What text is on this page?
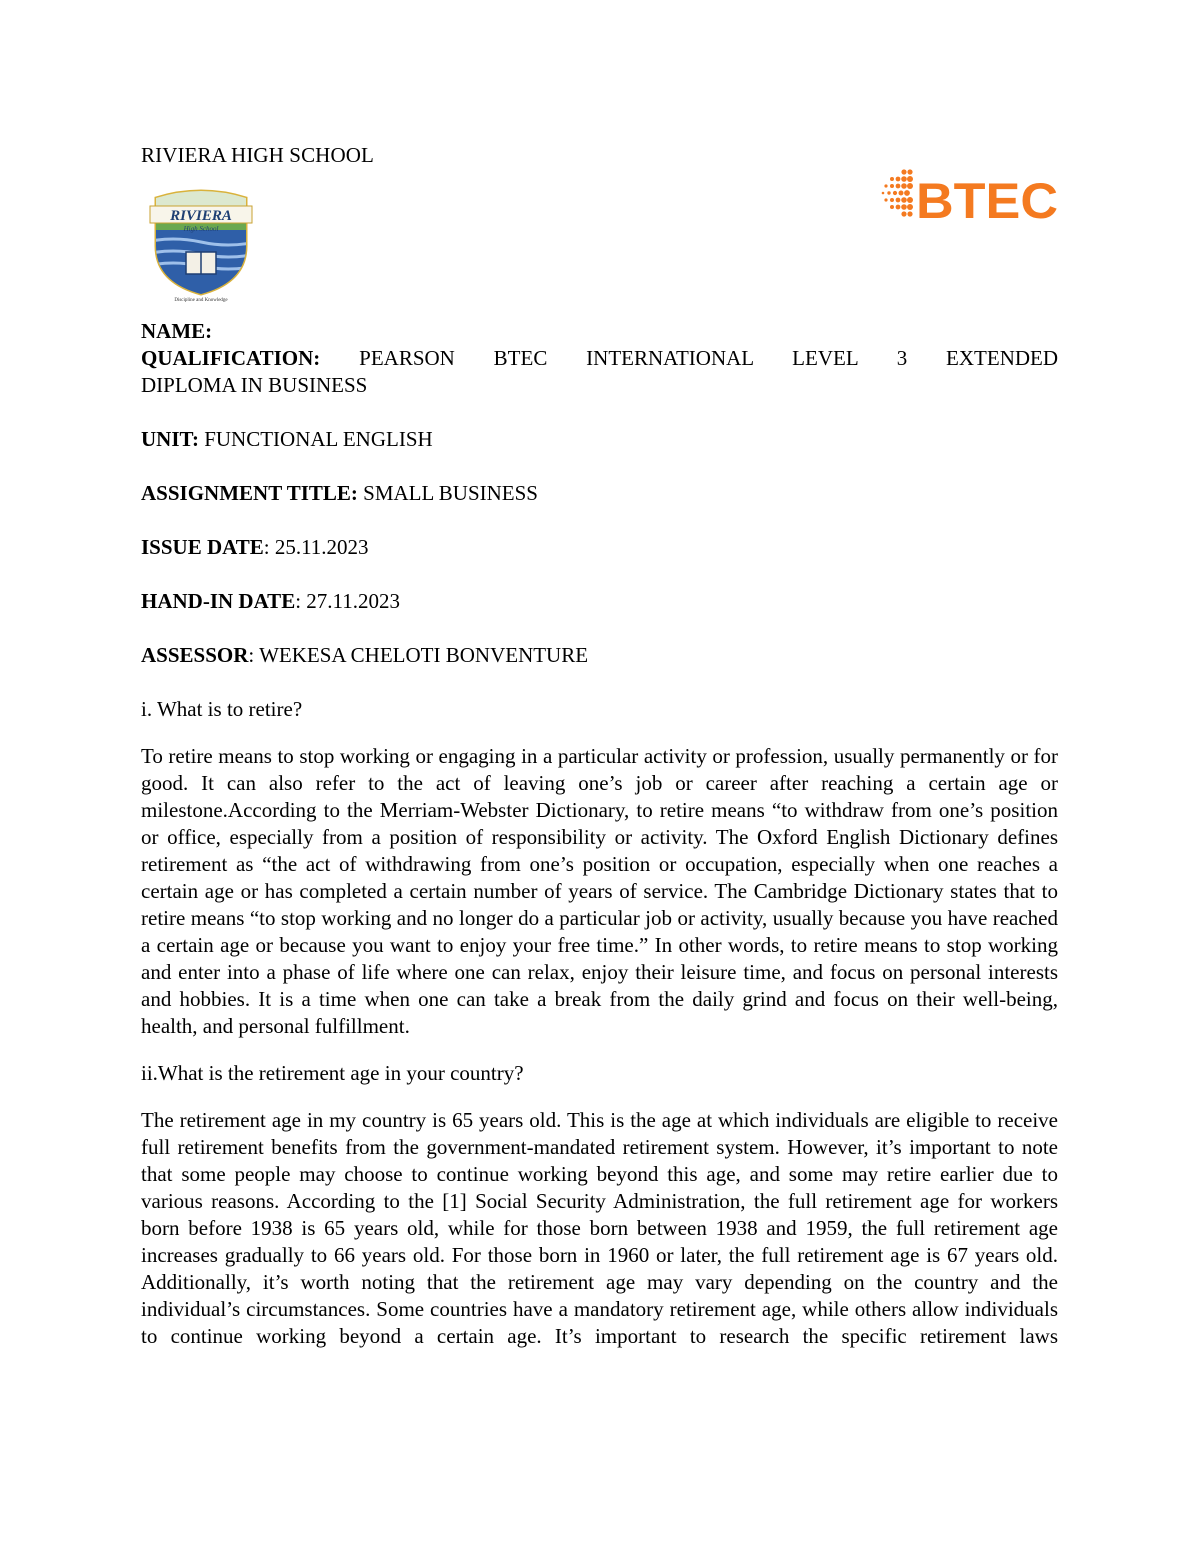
RIVIERA HIGH SCHOOL
RIVIERA
High School
Discipline and Knowledge
BTEC

NAME:

QUALIFICATION: PEARSON BTEC INTERNATIONAL LEVEL 3 EXTENDED

DIPLOMA IN BUSINESS

UNIT: FUNCTIONAL ENGLISH

ASSIGNMENT TITLE: SMALL BUSINESS

ISSUE DATE: 25.11.2023

HAND-IN DATE: 27.11.2023

ASSESSOR: WEKESA CHELOTI BONVENTURE

i. What is to retire?

To retire means to stop working or engaging in a particular activity or profession, usually permanently or for good. It can also refer to the act of leaving one’s job or career after reaching a certain age or milestone.According to the Merriam-Webster Dictionary, to retire means “to withdraw from one’s position or office, especially from a position of responsibility or activity. The Oxford English Dictionary defines retirement as “the act of withdrawing from one’s position or occupation, especially when one reaches a certain age or has completed a certain number of years of service. The Cambridge Dictionary states that to retire means “to stop working and no longer do a particular job or activity, usually because you have reached a certain age or because you want to enjoy your free time.” In other words, to retire means to stop working and enter into a phase of life where one can relax, enjoy their leisure time, and focus on personal interests and hobbies. It is a time when one can take a break from the daily grind and focus on their well-being, health, and personal fulfillment.

ii.What is the retirement age in your country?

The retirement age in my country is 65 years old. This is the age at which individuals are eligible to receive full retirement benefits from the government-mandated retirement system. However, it’s important to note that some people may choose to continue working beyond this age, and some may retire earlier due to various reasons. According to the [1] Social Security Administration, the full retirement age for workers born before 1938 is 65 years old, while for those born between 1938 and 1959, the full retirement age increases gradually to 66 years old. For those born in 1960 or later, the full retirement age is 67 years old. Additionally, it’s worth noting that the retirement age may vary depending on the country and the individual’s circumstances. Some countries have a mandatory retirement age, while others allow individuals to continue working beyond a certain age. It’s important to research the specific retirement laws
